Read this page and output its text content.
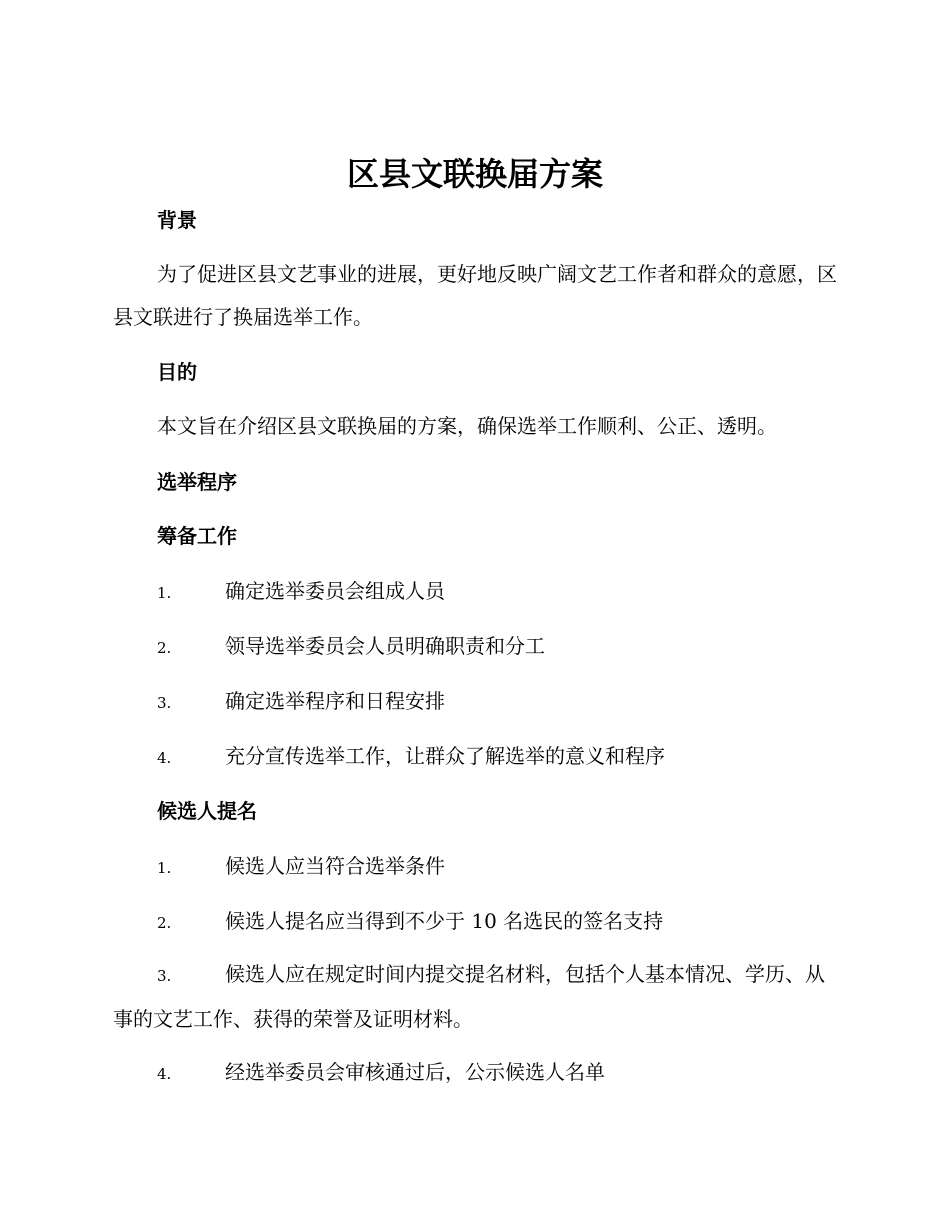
区县文联换届方案
背景

为了促进区县文艺事业的进展，更好地反映广阔文艺工作者和群众的意愿，区县文联进行了换届选举工作。

目的

本文旨在介绍区县文联换届的方案，确保选举工作顺利、公正、透明。

选举程序
筹备工作
1.	确定选举委员会组成人员
2.	领导选举委员会人员明确职责和分工
3.	确定选举程序和日程安排
4.	充分宣传选举工作，让群众了解选举的意义和程序
候选人提名
1.	候选人应当符合选举条件
2.	候选人提名应当得到不少于 10 名选民的签名支持
3.	候选人应在规定时间内提交提名材料，包括个人基本情况、学历、从事的文艺工作、获得的荣誉及证明材料。
4.	经选举委员会审核通过后，公示候选人名单
